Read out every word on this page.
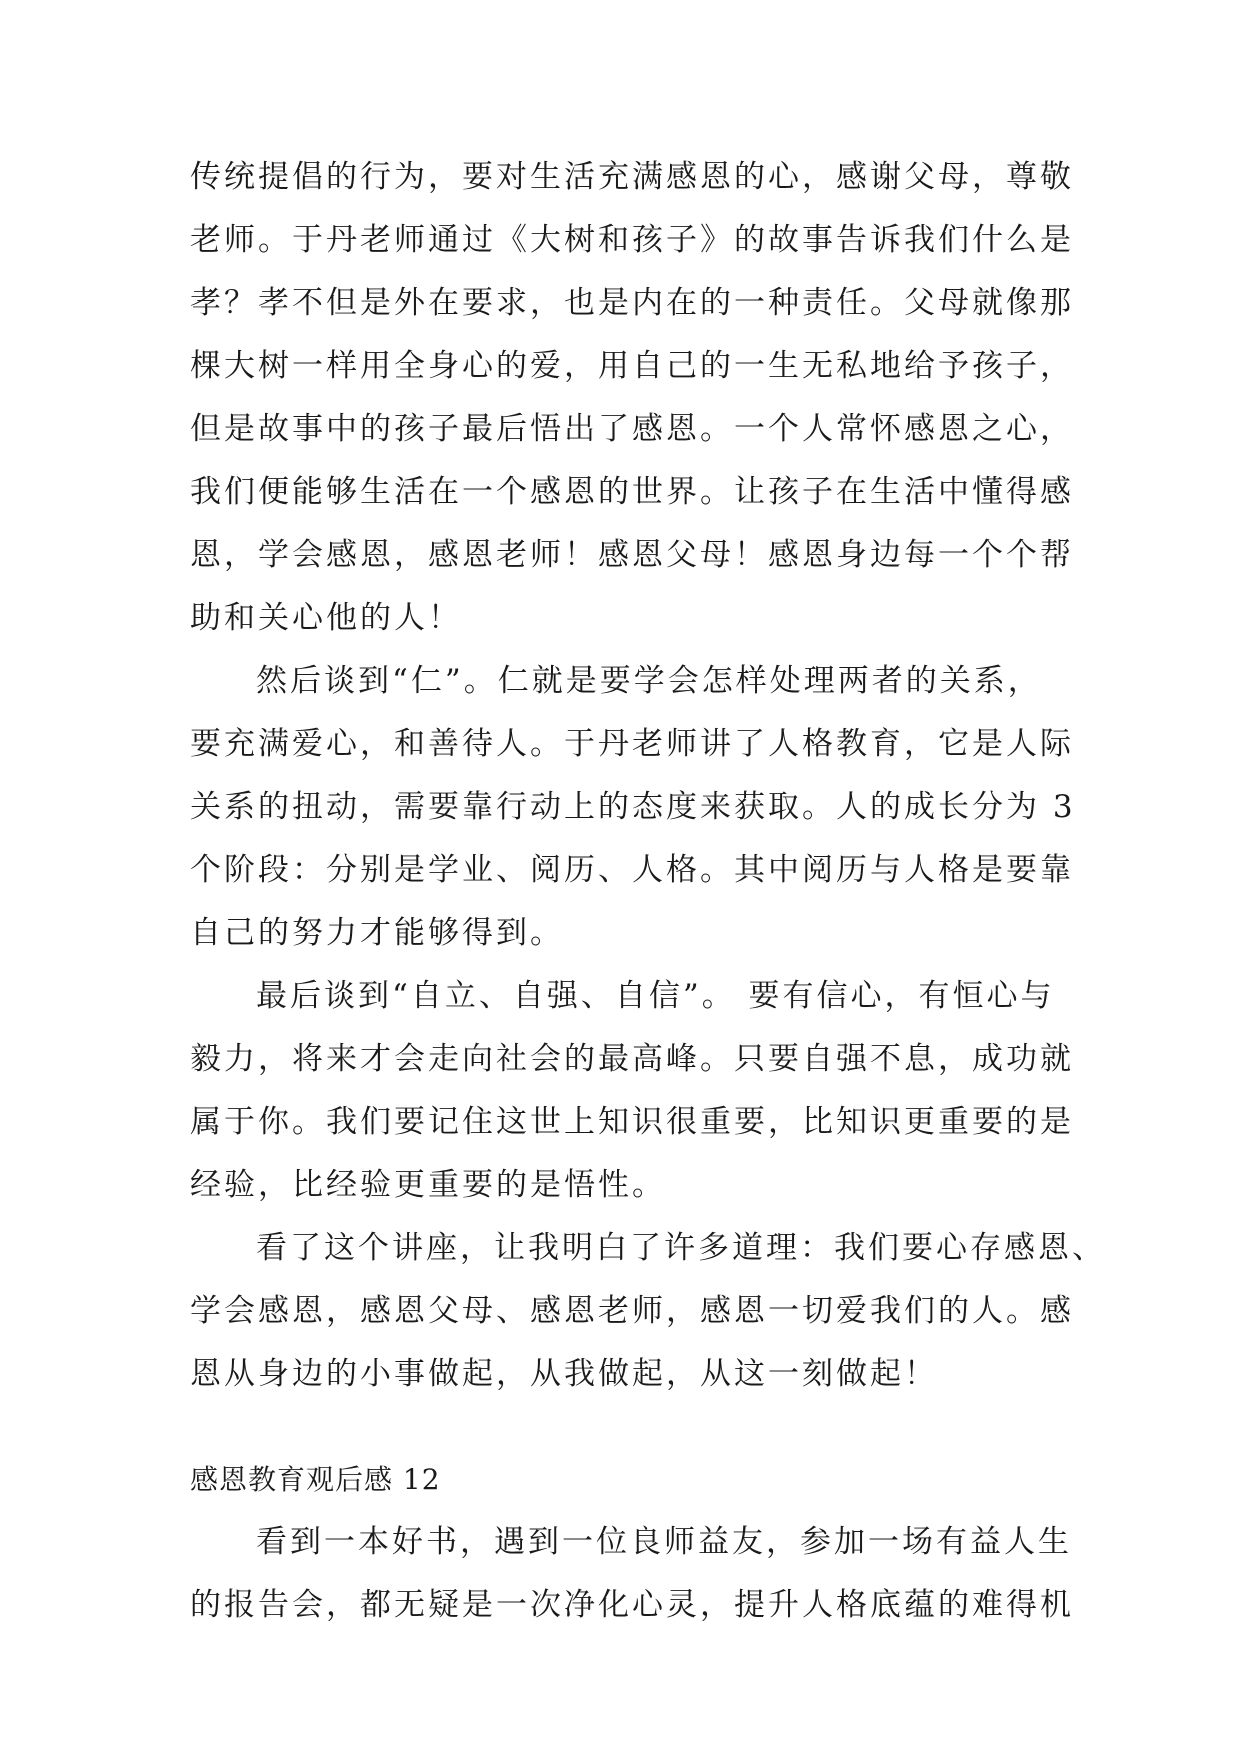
传统提倡的行为，要对生活充满感恩的心，感谢父母，尊敬
老师。于丹老师通过《大树和孩子》的故事告诉我们什么是
孝？孝不但是外在要求，也是内在的一种责任。父母就像那
棵大树一样用全身心的爱，用自己的一生无私地给予孩子，
但是故事中的孩子最后悟出了感恩。一个人常怀感恩之心，
我们便能够生活在一个感恩的世界。让孩子在生活中懂得感
恩，学会感恩，感恩老师！感恩父母！感恩身边每一个个帮
助和关心他的人！
然后谈到“仁”。仁就是要学会怎样处理两者的关系，
要充满爱心，和善待人。于丹老师讲了人格教育，它是人际
关系的扭动，需要靠行动上的态度来获取。人的成长分为 3
个阶段：分别是学业、阅历、人格。其中阅历与人格是要靠
自己的努力才能够得到。
最后谈到“自立、自强、自信”。 要有信心，有恒心与
毅力，将来才会走向社会的最高峰。只要自强不息，成功就
属于你。我们要记住这世上知识很重要，比知识更重要的是
经验，比经验更重要的是悟性。
看了这个讲座，让我明白了许多道理：我们要心存感恩、
学会感恩，感恩父母、感恩老师，感恩一切爱我们的人。感
恩从身边的小事做起，从我做起，从这一刻做起！
感恩教育观后感 12
看到一本好书，遇到一位良师益友，参加一场有益人生
的报告会，都无疑是一次净化心灵，提升人格底蕴的难得机
